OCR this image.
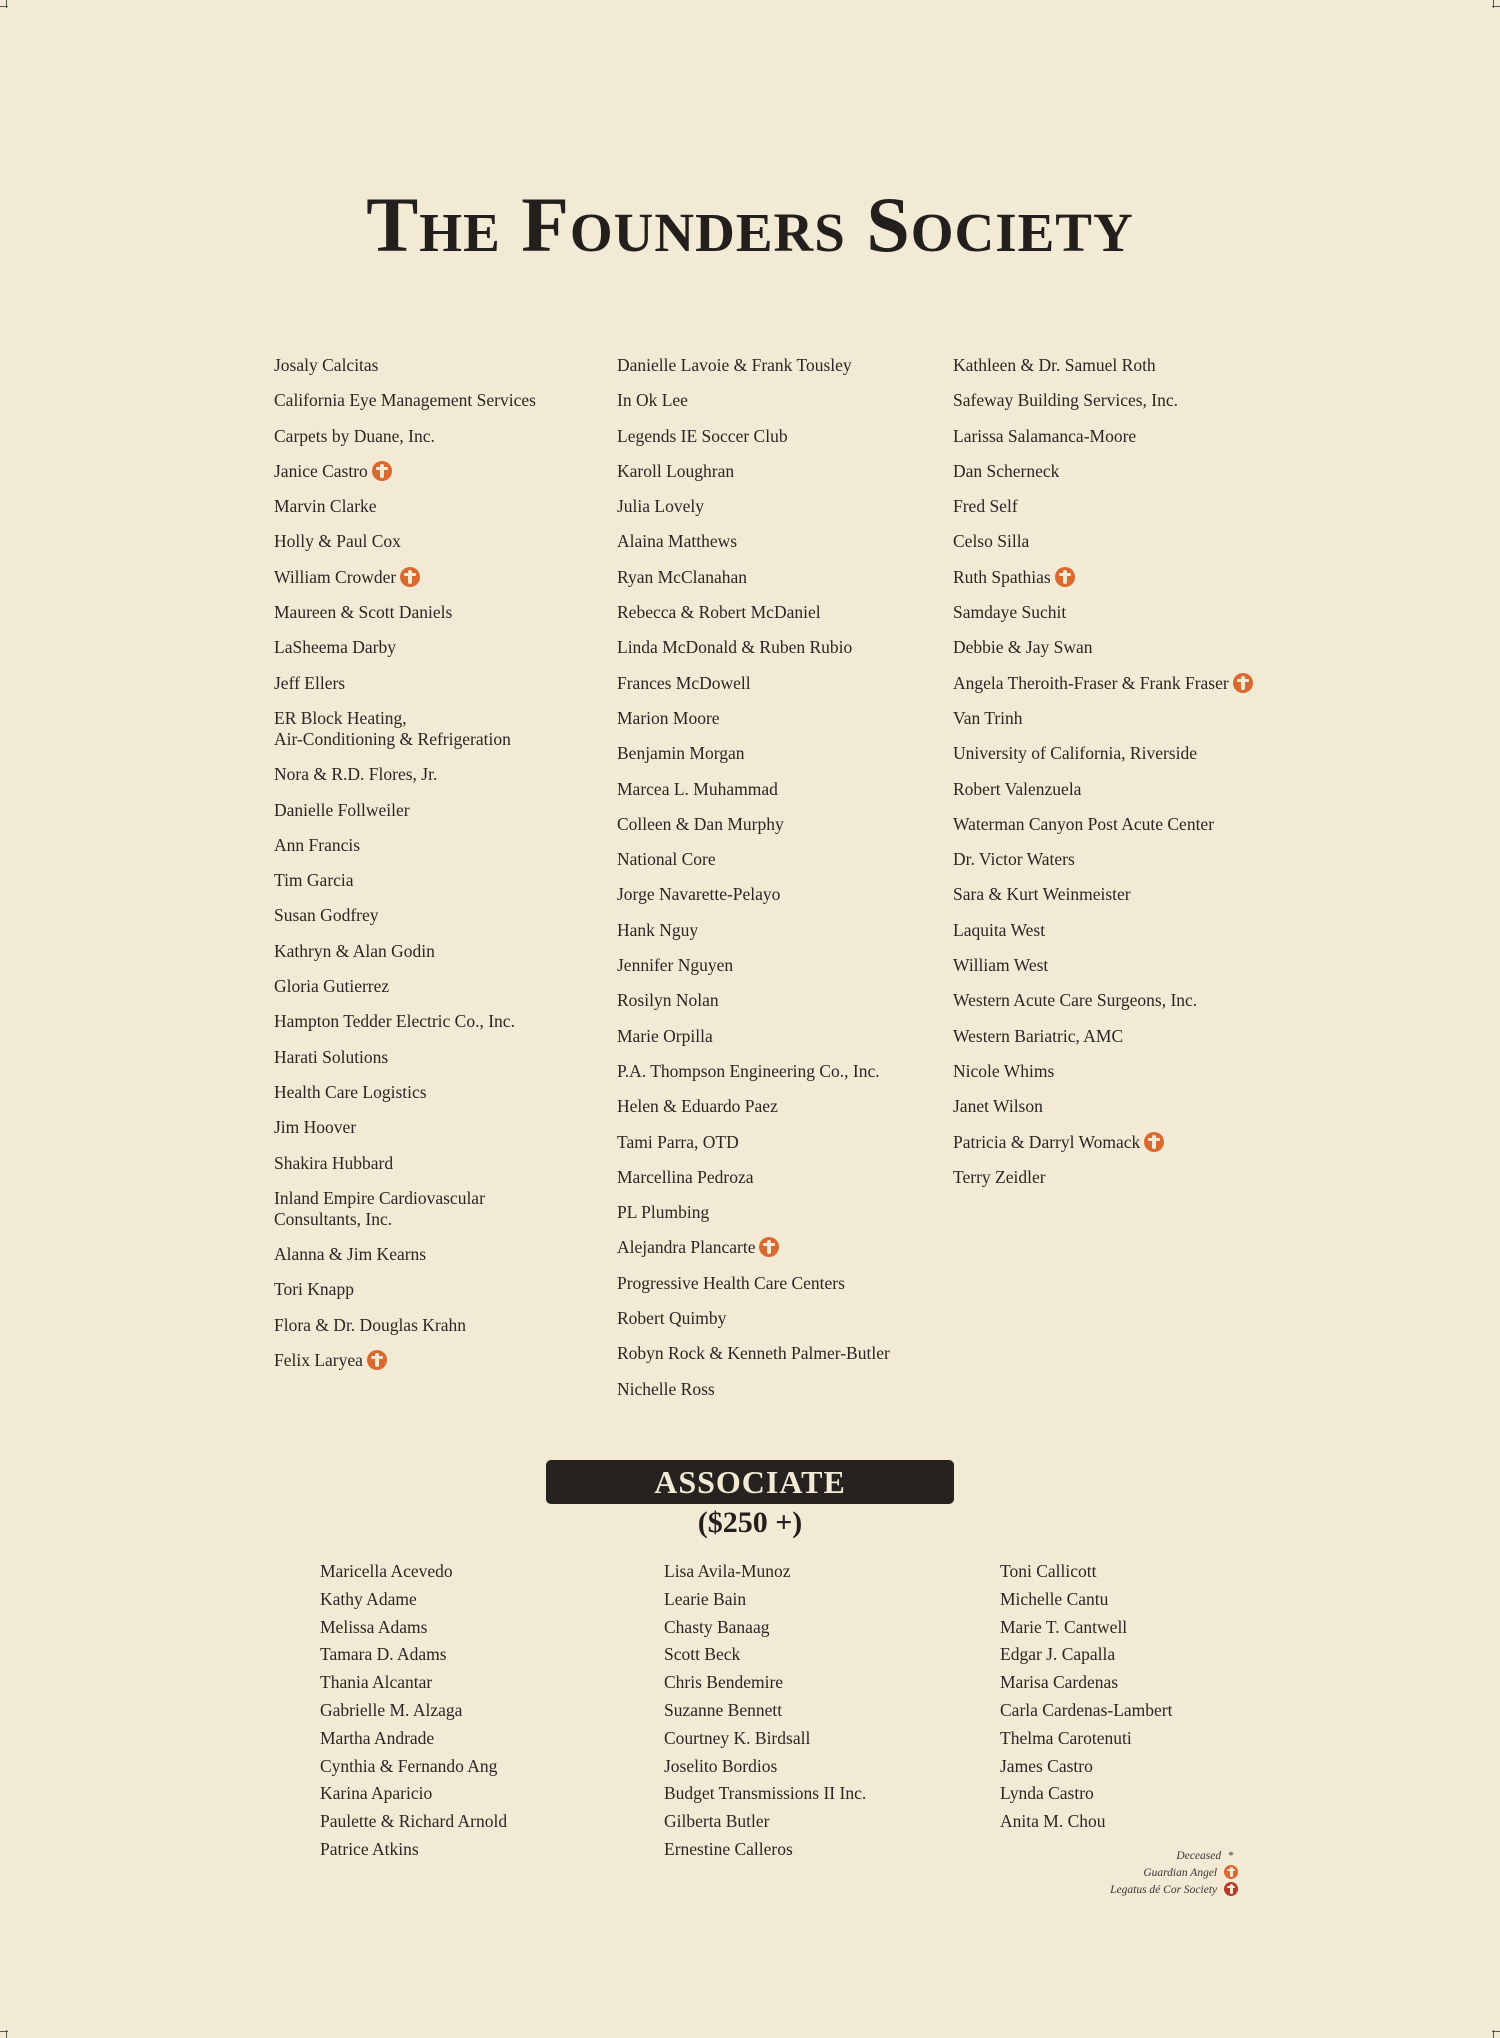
The Founders Society
Josaly Calcitas
California Eye Management Services
Carpets by Duane, Inc.
Janice Castro
Marvin Clarke
Holly & Paul Cox
William Crowder
Maureen & Scott Daniels
LaSheema Darby
Jeff Ellers
ER Block Heating,
Air-Conditioning & Refrigeration
Nora & R.D. Flores, Jr.
Danielle Follweiler
Ann Francis
Tim Garcia
Susan Godfrey
Kathryn & Alan Godin
Gloria Gutierrez
Hampton Tedder Electric Co., Inc.
Harati Solutions
Health Care Logistics
Jim Hoover
Shakira Hubbard
Inland Empire Cardiovascular
Consultants, Inc.
Alanna & Jim Kearns
Tori Knapp
Flora & Dr. Douglas Krahn
Felix Laryea
Danielle Lavoie & Frank Tousley
In Ok Lee
Legends IE Soccer Club
Karoll Loughran
Julia Lovely
Alaina Matthews
Ryan McClanahan
Rebecca & Robert McDaniel
Linda McDonald & Ruben Rubio
Frances McDowell
Marion Moore
Benjamin Morgan
Marcea L. Muhammad
Colleen & Dan Murphy
National Core
Jorge Navarette-Pelayo
Hank Nguy
Jennifer Nguyen
Rosilyn Nolan
Marie Orpilla
P.A. Thompson Engineering Co., Inc.
Helen & Eduardo Paez
Tami Parra, OTD
Marcellina Pedroza
PL Plumbing
Alejandra Plancarte
Progressive Health Care Centers
Robert Quimby
Robyn Rock & Kenneth Palmer-Butler
Nichelle Ross
Kathleen & Dr. Samuel Roth
Safeway Building Services, Inc.
Larissa Salamanca-Moore
Dan Scherneck
Fred Self
Celso Silla
Ruth Spathias
Samdaye Suchit
Debbie & Jay Swan
Angela Theroith-Fraser & Frank Fraser
Van Trinh
University of California, Riverside
Robert Valenzuela
Waterman Canyon Post Acute Center
Dr. Victor Waters
Sara & Kurt Weinmeister
Laquita West
William West
Western Acute Care Surgeons, Inc.
Western Bariatric, AMC
Nicole Whims
Janet Wilson
Patricia & Darryl Womack
Terry Zeidler
ASSOCIATE
($250 +)
Maricella Acevedo
Kathy Adame
Melissa Adams
Tamara D. Adams
Thania Alcantar
Gabrielle M. Alzaga
Martha Andrade
Cynthia & Fernando Ang
Karina Aparicio
Paulette & Richard Arnold
Patrice Atkins
Lisa Avila-Munoz
Learie Bain
Chasty Banaag
Scott Beck
Chris Bendemire
Suzanne Bennett
Courtney K. Birdsall
Joselito Bordios
Budget Transmissions II Inc.
Gilberta Butler
Ernestine Calleros
Toni Callicott
Michelle Cantu
Marie T. Cantwell
Edgar J. Capalla
Marisa Cardenas
Carla Cardenas-Lambert
Thelma Carotenuti
James Castro
Lynda Castro
Anita M. Chou
Deceased *
Guardian Angel
Legatus dé Cor Society
